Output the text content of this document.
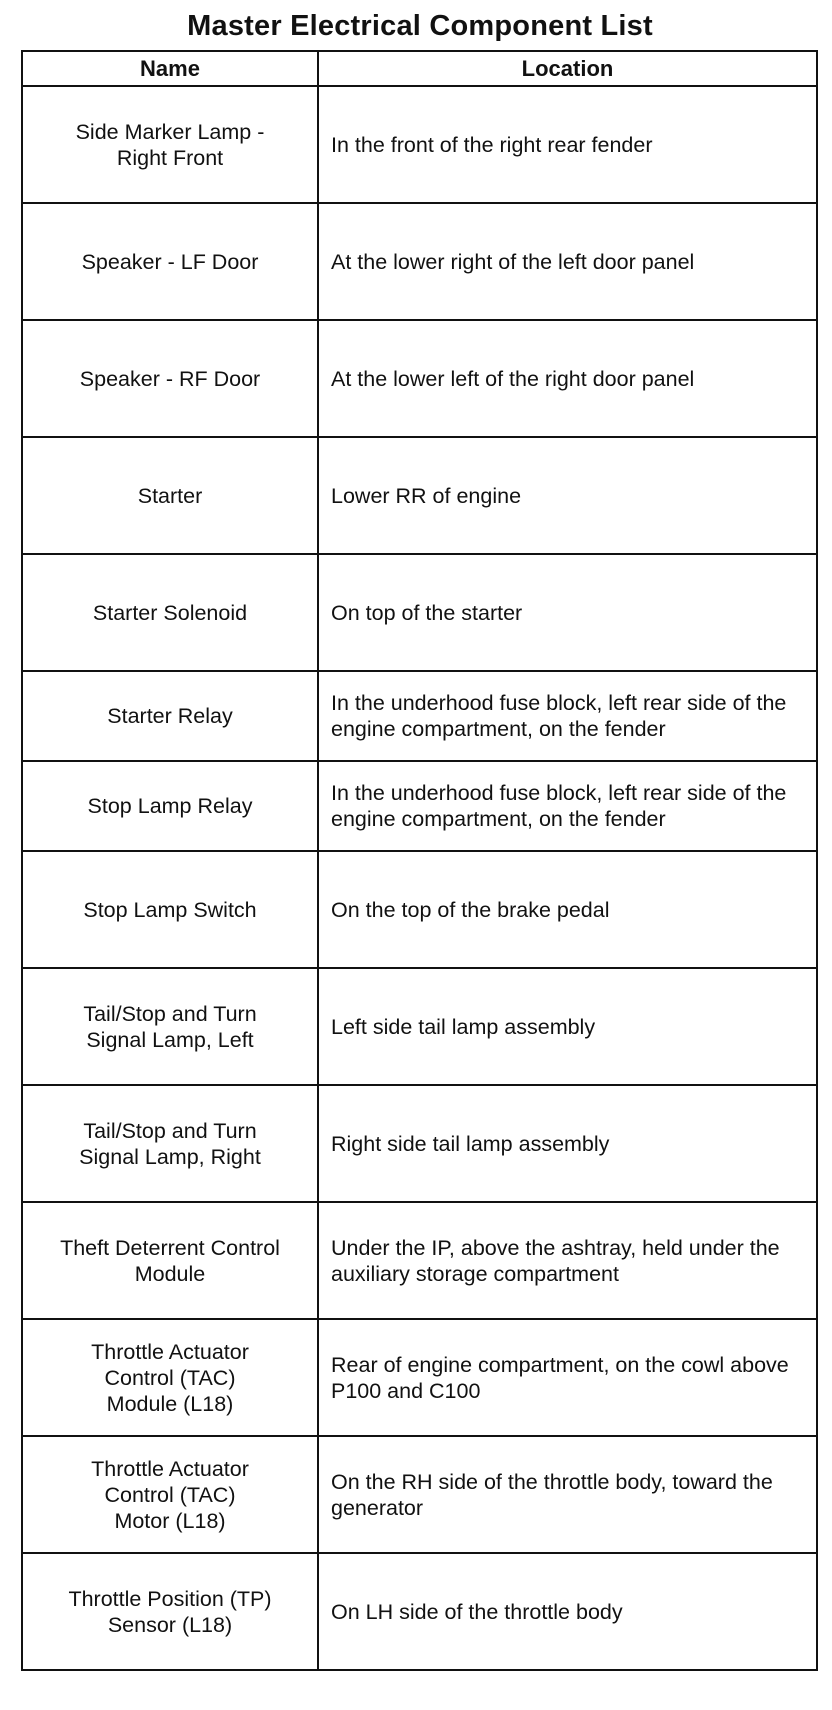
Master Electrical Component List
Name	Location
Side Marker Lamp - Right Front	In the front of the right rear fender
Speaker - LF Door	At the lower right of the left door panel
Speaker - RF Door	At the lower left of the right door panel
Starter	Lower RR of engine
Starter Solenoid	On top of the starter
Starter Relay	In the underhood fuse block, left rear side of the engine compartment, on the fender
Stop Lamp Relay	In the underhood fuse block, left rear side of the engine compartment, on the fender
Stop Lamp Switch	On the top of the brake pedal
Tail/Stop and Turn Signal Lamp, Left	Left side tail lamp assembly
Tail/Stop and Turn Signal Lamp, Right	Right side tail lamp assembly
Theft Deterrent Control Module	Under the IP, above the ashtray, held under the auxiliary storage compartment
Throttle Actuator Control (TAC) Module (L18)	Rear of engine compartment, on the cowl above P100 and C100
Throttle Actuator Control (TAC) Motor (L18)	On the RH side of the throttle body, toward the generator
Throttle Position (TP) Sensor (L18)	On LH side of the throttle body
